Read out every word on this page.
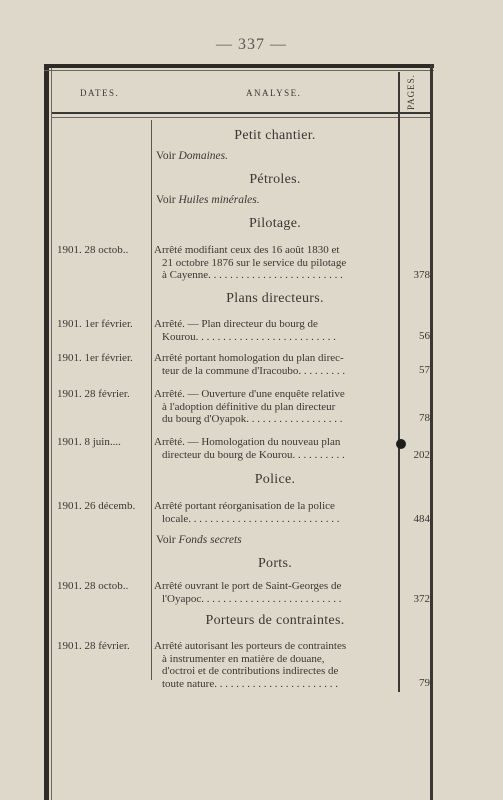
— 337 —
DATES.	ANALYSE.	PAGES.
Petit chantier.
Voir Domaines.
Pétroles.
Voir Huiles minérales.
Pilotage.
1901. 28 octob..	Arrêté modifiant ceux des 16 août 1830 et
21 octobre 1876 sur le service du pilotage
à Cayenne. . . . . . . . . . . . . . . . . . . . . . . . .	378
Plans directeurs.
1901. 1er février.	Arrêté. — Plan directeur du bourg de
Kourou. . . . . . . . . . . . . . . . . . . . . . . . . .	56
1901. 1er février.	Arrêté portant homologation du plan direc-
teur de la commune d'Iracoubo. . . . . . . . .	57
1901. 28 février.	Arrêté. — Ouverture d'une enquête relative
à l'adoption définitive du plan directeur
du bourg d'Oyapok. . . . . . . . . . . . . . . . . .	78
1901. 8 juin....	Arrêté. — Homologation du nouveau plan
directeur du bourg de Kourou. . . . . . . . . .	202
Police.
1901. 26 décemb.	Arrêté portant réorganisation de la police
locale. . . . . . . . . . . . . . . . . . . . . . . . . . . .	484
Voir Fonds secrets
Ports.
1901. 28 octob..	Arrêté ouvrant le port de Saint-Georges de
l'Oyapoc. . . . . . . . . . . . . . . . . . . . . . . . . .	372
Porteurs de contraintes.
1901. 28 février.	Arrêté autorisant les porteurs de contraintes
à instrumenter en matière de douane,
d'octroi et de contributions indirectes de
toute nature. . . . . . . . . . . . . . . . . . . . . . .	79
